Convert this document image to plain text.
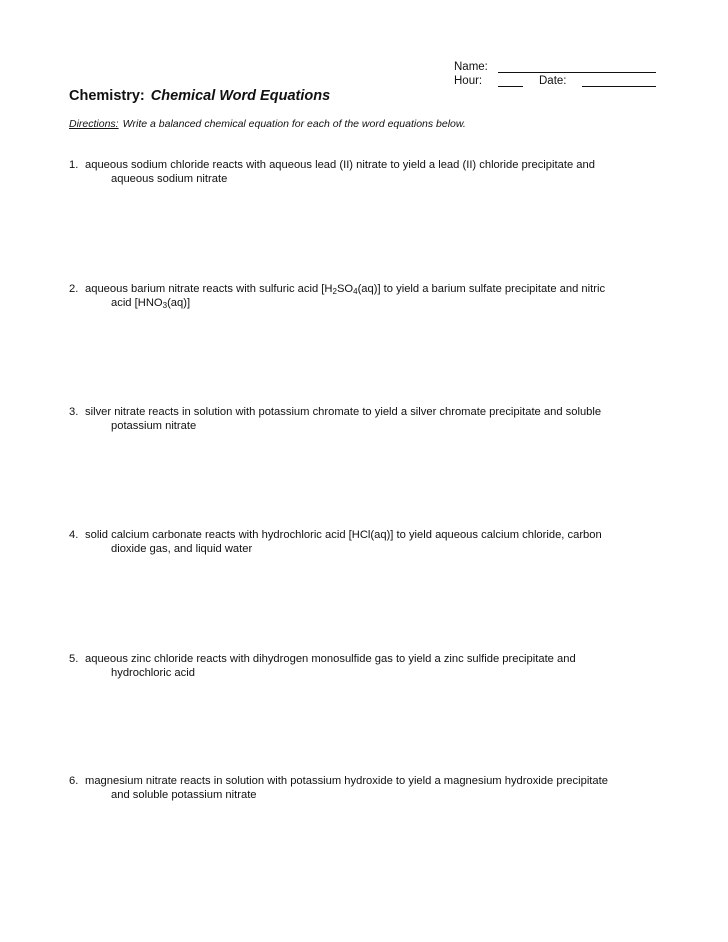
Name:
Hour:	Date:
Chemistry: Chemical Word Equations
Directions: Write a balanced chemical equation for each of the word equations below.
1. aqueous sodium chloride reacts with aqueous lead (II) nitrate to yield a lead (II) chloride precipitate and
aqueous sodium nitrate
2. aqueous barium nitrate reacts with sulfuric acid $[H_2SO_4(aq)]$ to yield a barium sulfate precipitate and nitric
acid $[HNO_3(aq)]$
3. silver nitrate reacts in solution with potassium chromate to yield a silver chromate precipitate and soluble
potassium nitrate
4. solid calcium carbonate reacts with hydrochloric acid [HCl(aq)] to yield aqueous calcium chloride, carbon
dioxide gas, and liquid water
5. aqueous zinc chloride reacts with dihydrogen monosulfide gas to yield a zinc sulfide precipitate and
hydrochloric acid
6. magnesium nitrate reacts in solution with potassium hydroxide to yield a magnesium hydroxide precipitate
and soluble potassium nitrate
